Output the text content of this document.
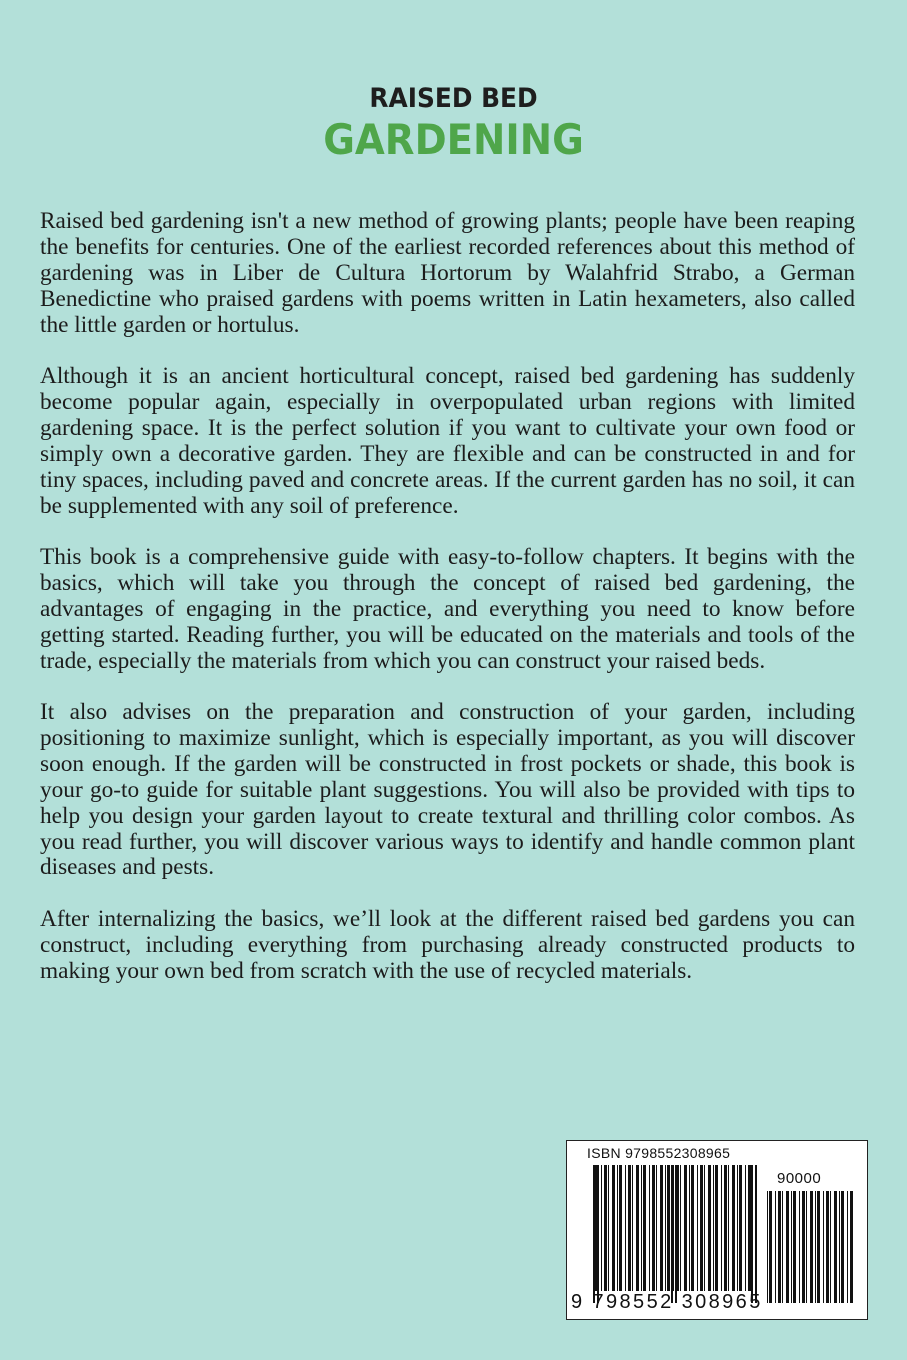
RAISED BED
GARDENING

Raised bed gardening isn't a new method of growing plants; people have been reaping the benefits for centuries. One of the earliest recorded references about this method of gardening was in Liber de Cultura Hortorum by Walahfrid Strabo, a German Benedictine who praised gardens with poems written in Latin hexameters, also called the little garden or hortulus.

Although it is an ancient horticultural concept, raised bed gardening has suddenly become popular again, especially in overpopulated urban regions with limited gardening space. It is the perfect solution if you want to cultivate your own food or simply own a decorative garden. They are flexible and can be constructed in and for tiny spaces, including paved and concrete areas. If the current garden has no soil, it can be supplemented with any soil of preference.

This book is a comprehensive guide with easy-to-follow chapters. It begins with the basics, which will take you through the concept of raised bed gardening, the advantages of engaging in the practice, and everything you need to know before getting started. Reading further, you will be educated on the materials and tools of the trade, especially the materials from which you can construct your raised beds.

It also advises on the preparation and construction of your garden, including positioning to maximize sunlight, which is especially important, as you will discover soon enough. If the garden will be constructed in frost pockets or shade, this book is your go-to guide for suitable plant suggestions. You will also be provided with tips to help you design your garden layout to create textural and thrilling color combos. As you read further, you will discover various ways to identify and handle common plant diseases and pests.

After internalizing the basics, we’ll look at the different raised bed gardens you can construct, including everything from purchasing already constructed products to making your own bed from scratch with the use of recycled materials.

ISBN 9798552308965
90000
9 798552 308965
